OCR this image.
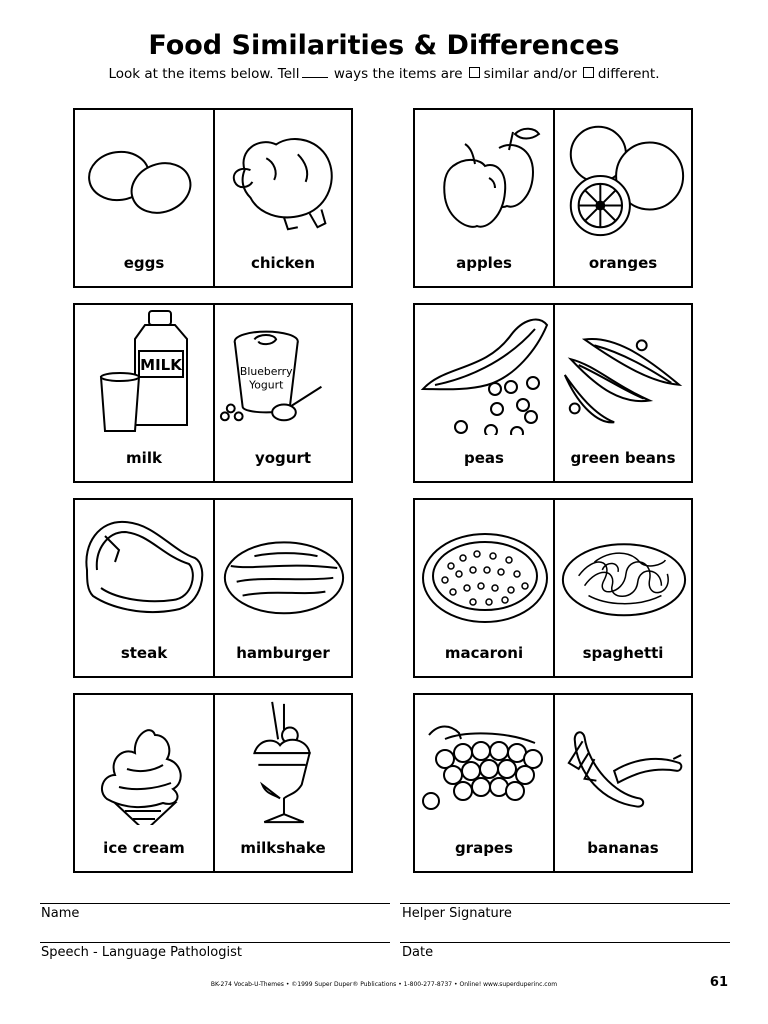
Food Similarities & Differences
Look at the items below. Tell	ways the items are similar and/or different.
eggs	chicken	apples	oranges
MILK
milk
Blueberry
Yogurt
yogurt	peas	green beans
steak	hamburger	macaroni	spaghetti
ice cream	milkshake	grapes	bananas
Name	Helper Signature
Speech - Language Pathologist	Date
BK-274 Vocab-U-Themes • ©1999 Super Duper® Publications • 1-800-277-8737 • Online! www.superduperinc.com	61
